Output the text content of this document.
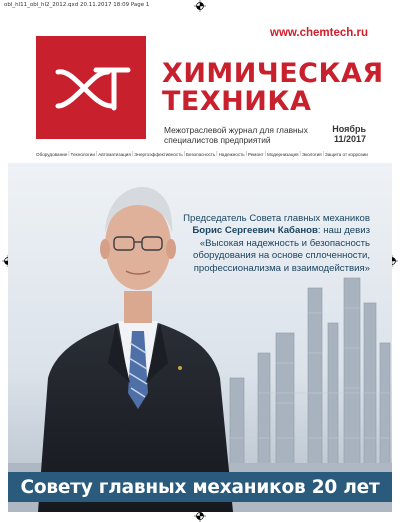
obl_hl11_obl_hl2_2012.qxd 20.11.2017 18:09 Page 1
www.chemtech.ru
ХИМИЧЕСКАЯ
ТЕХНИКА
Межотраслевой журнал для главных
специалистов предприятий
Ноябрь
11/2017
Оборудование | Технологии | Автоматизация | Энергоэффективность | Безопасность | Надежность | Ремонт | Модернизация | Экология | Защита от коррозии
Председатель Совета главных механиков
Борис Сергеевич Кабанов: наш девиз
«Высокая надежность и безопасность
оборудования на основе сплоченности,
профессионализма и взаимодействия»
Совету главных механиков 20 лет
